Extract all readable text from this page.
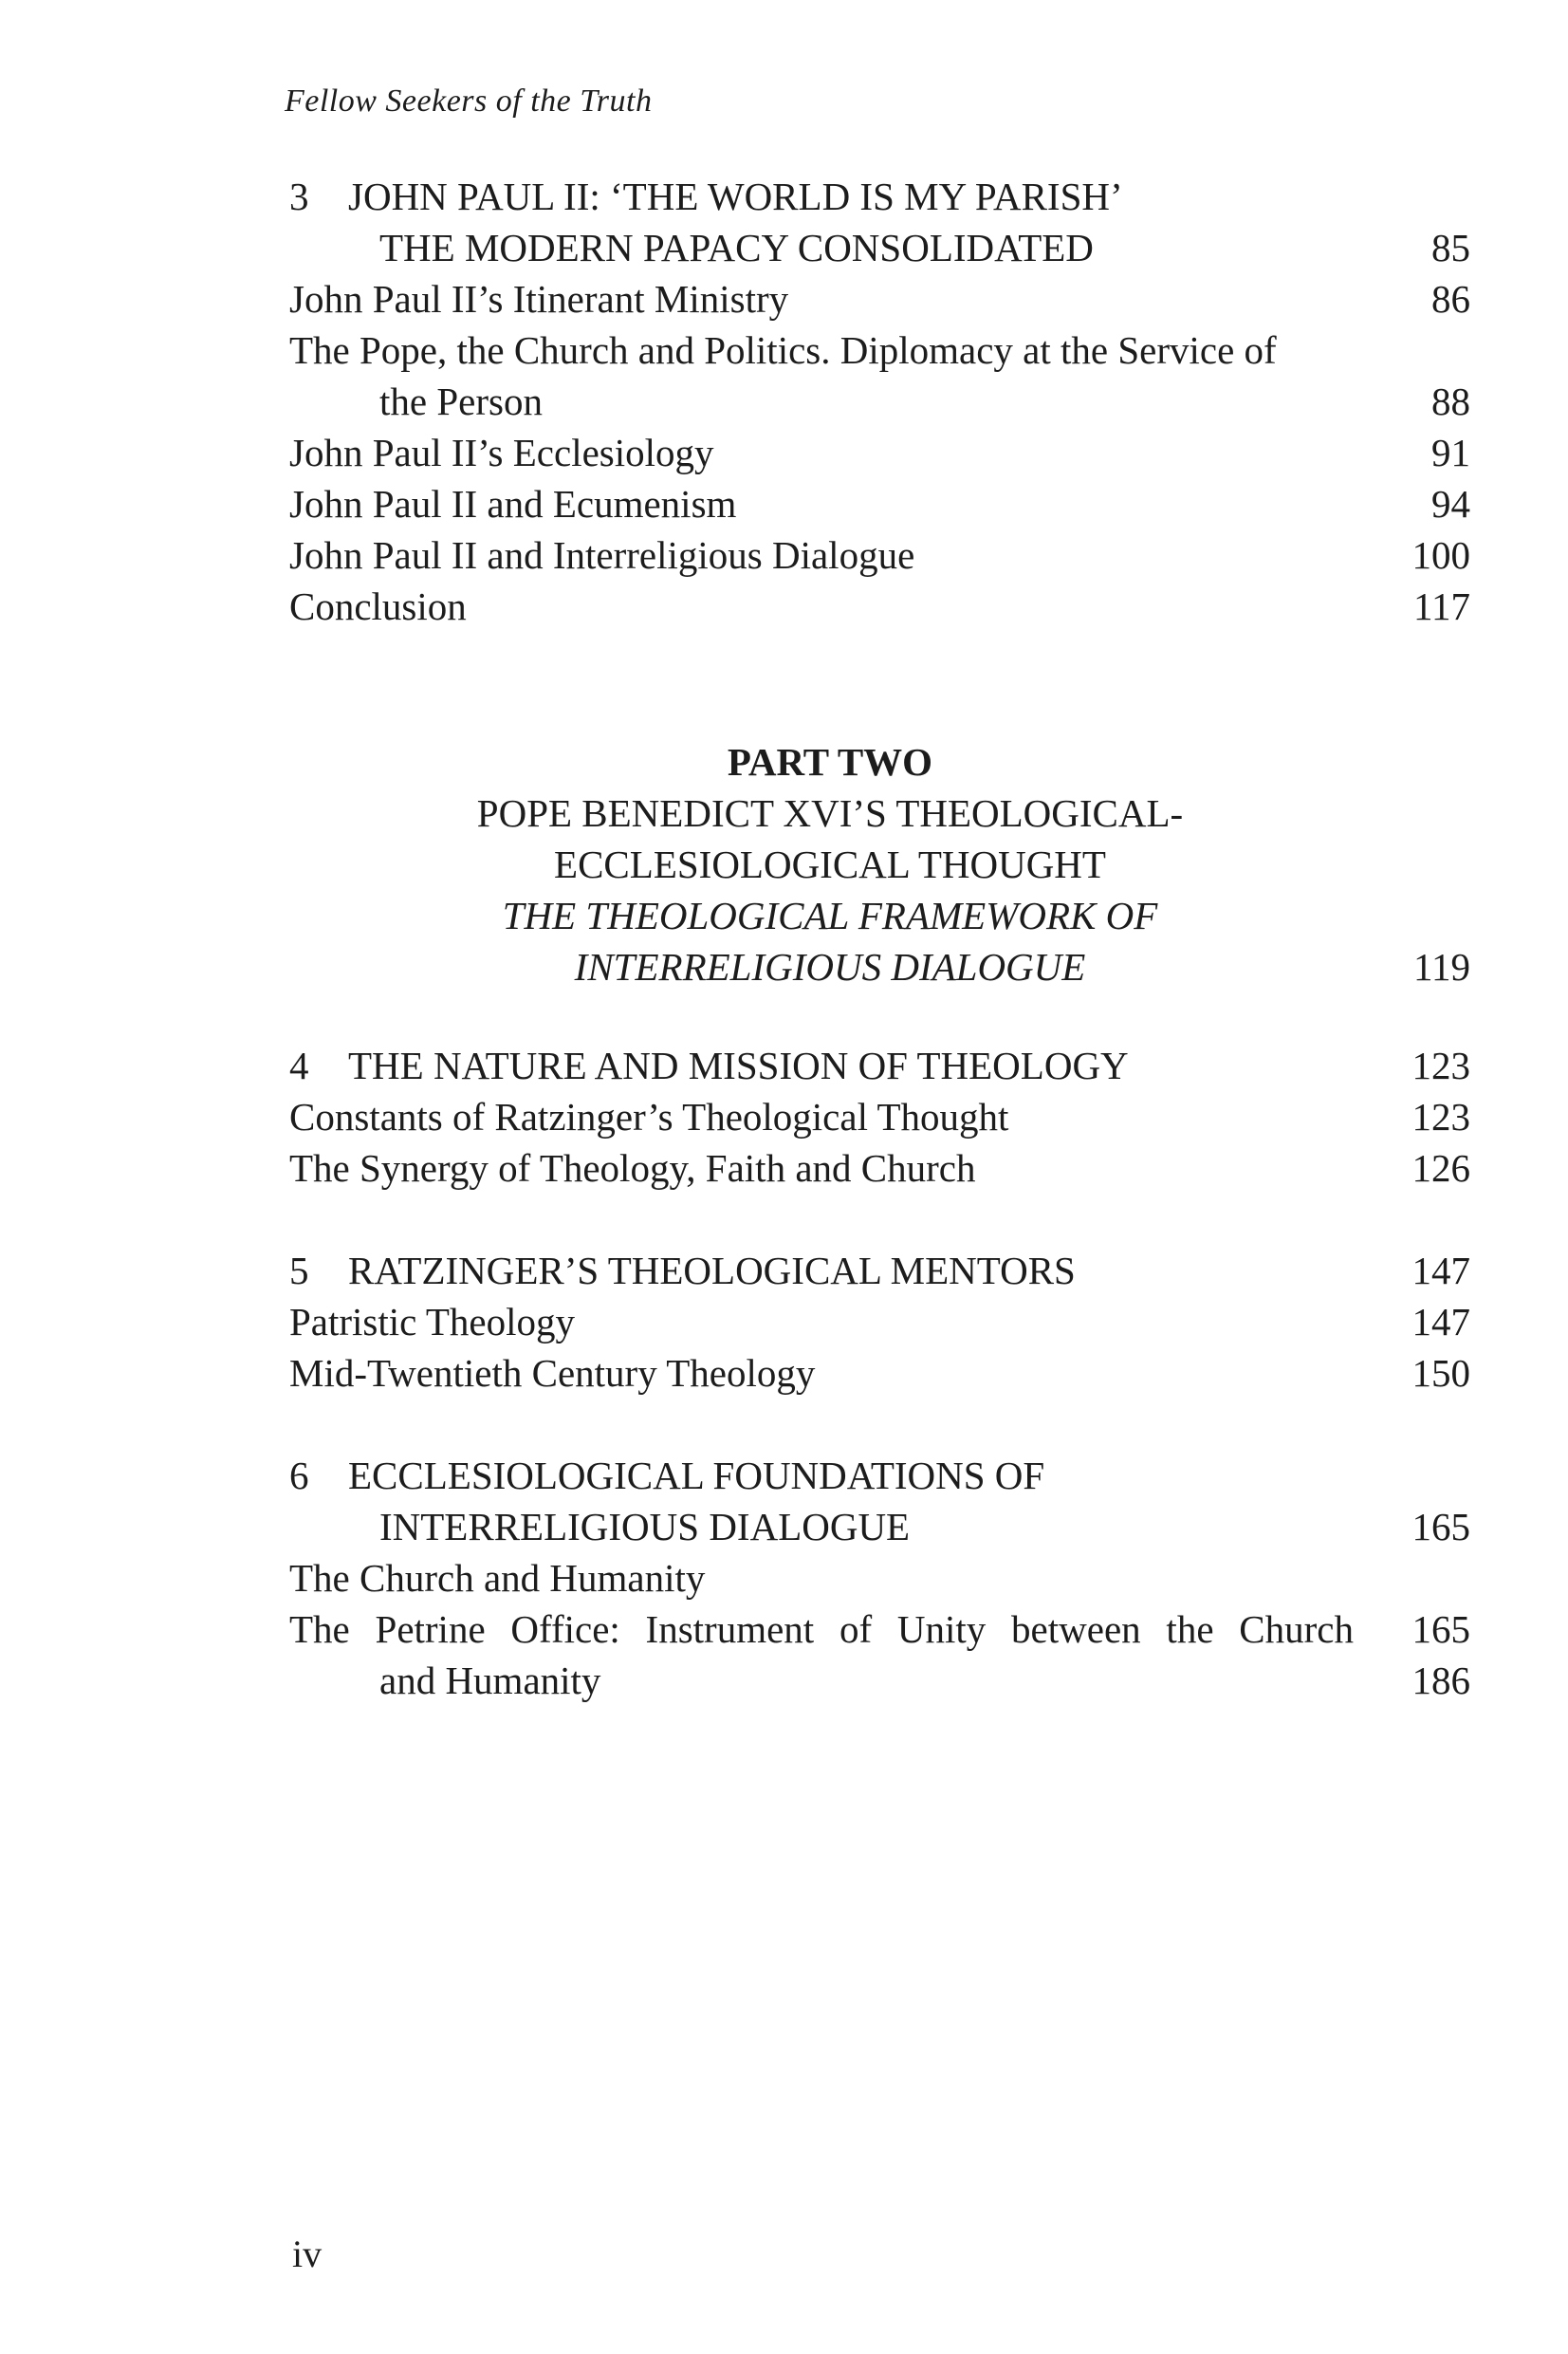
Fellow Seekers of the Truth
3 JOHN PAUL II: ‘THE WORLD IS MY PARISH’
THE MODERN PAPACY CONSOLIDATED	85
John Paul II’s Itinerant Ministry	86
The Pope, the Church and Politics. Diplomacy at the Service of
the Person	88
John Paul II’s Ecclesiology	91
John Paul II and Ecumenism	94
John Paul II and Interreligious Dialogue	100
Conclusion	117
PART TWO
POPE BENEDICT XVI’S THEOLOGICAL-
ECCLESIOLOGICAL THOUGHT
THE THEOLOGICAL FRAMEWORK OF
INTERRELIGIOUS DIALOGUE	119
4 THE NATURE AND MISSION OF THEOLOGY	123
Constants of Ratzinger’s Theological Thought	123
The Synergy of Theology, Faith and Church	126
5 RATZINGER’S THEOLOGICAL MENTORS	147
Patristic Theology	147
Mid-Twentieth Century Theology	150
6 ECCLESIOLOGICAL FOUNDATIONS OF
INTERRELIGIOUS DIALOGUE	165
The Church and Humanity
The Petrine Office: Instrument of Unity between the Church	165
and Humanity	186
iv
